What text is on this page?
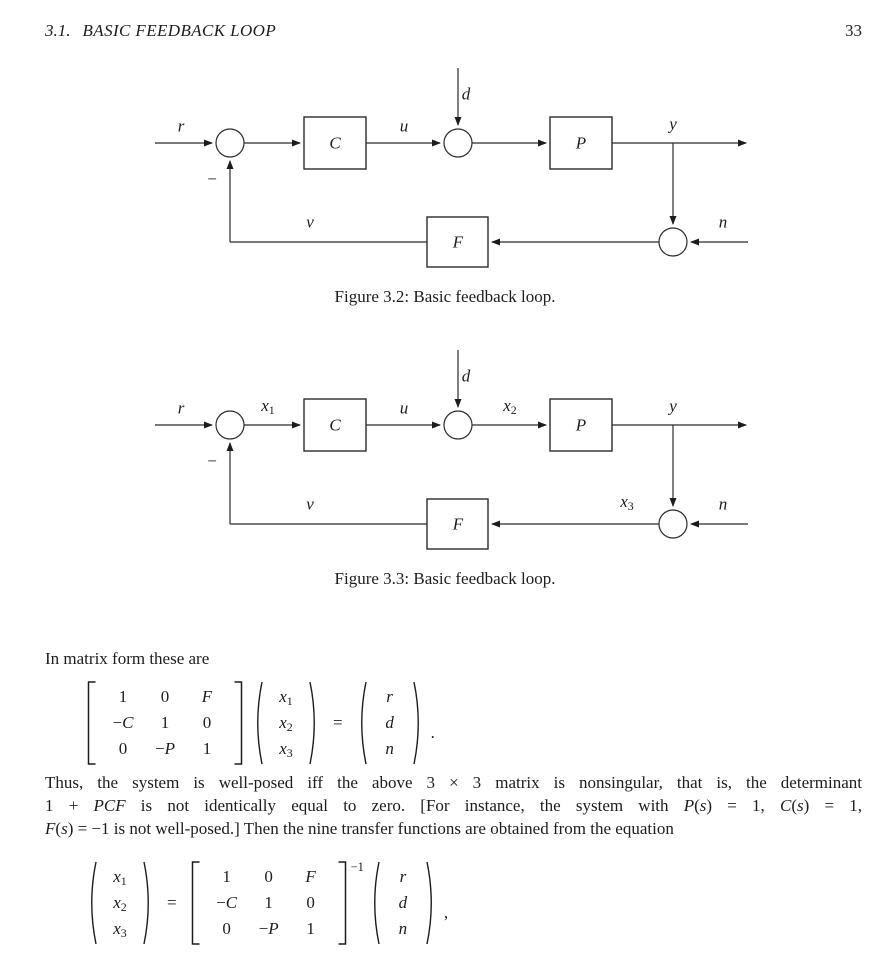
3.1. BASIC FEEDBACK LOOP	33
r	u
d
y
n
v
−
C	P
F
Figure 3.2: Basic feedback loop.
r	$x_1$	u
d
$x_2$	y
n
$x_3$
v
−
C	P
F
Figure 3.3: Basic feedback loop.
In matrix form these are
1	0	F
−C	1	0
0	−P	1
$x_1$
$x_2$
$x_3$
=
r
d
n
.
Thus, the system is well-posed iff the above 3 × 3 matrix is nonsingular, that is, the determinant
1 + PCF is not identically equal to zero. [For instance, the system with P(s) = 1, C(s) = 1,
F(s) = −1 is not well-posed.] Then the nine transfer functions are obtained from the equation
$x_1$
$x_2$
$x_3$
=
1	0	F
−C	1	0
0	−P	1
−1
r
d
n
,
